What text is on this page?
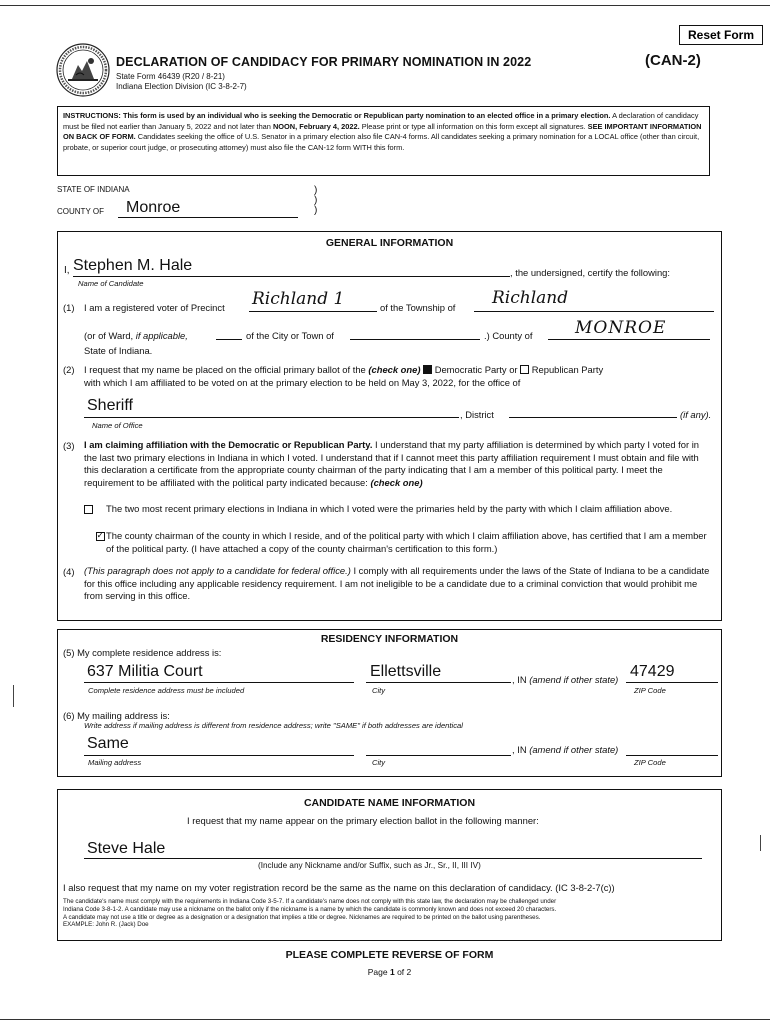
Reset Form
DECLARATION OF CANDIDACY FOR PRIMARY NOMINATION IN 2022	(CAN-2)
State Form 46439 (R20 / 8-21)
Indiana Election Division (IC 3-8-2-7)
INSTRUCTIONS: This form is used by an individual who is seeking the Democratic or Republican party nomination to an elected office in a primary election. A declaration of candidacy must be filed not earlier than January 5, 2022 and not later than NOON, February 4, 2022. Please print or type all information on this form except all signatures. SEE IMPORTANT INFORMATION ON BACK OF FORM. Candidates seeking the office of U.S. Senator in a primary election also file CAN-4 forms. All candidates seeking a primary nomination for a LOCAL office (other than circuit, probate, or superior court judge, or prosecuting attorney) must also file the CAN-12 form WITH this form.
STATE OF INDIANA
COUNTY OF Monroe
)
)
)
GENERAL INFORMATION
I, Stephen M. Hale	, the undersigned, certify the following:
Name of Candidate
(1) I am a registered voter of Precinct Richland 1	of the Township of Richland
(or of Ward, if applicable,	of the City or Town of	.) County of	MONROE
State of Indiana.
(2) I request that my name be placed on the official primary ballot of the (check one) Democratic Party or Republican Party
with which I am affiliated to be voted on at the primary election to be held on May 3, 2022, for the office of
Sheriff
, District	(if any).
Name of Office
(3) I am claiming affiliation with the Democratic or Republican Party. I understand that my party affiliation is determined by which party I voted for in the last two primary elections in Indiana in which I voted. I understand that if I cannot meet this party affiliation requirement I must obtain and file with this declaration a certificate from the appropriate county chairman of the party indicating that I am a member of this political party. I meet the requirement to be affiliated with the political party indicated because: (check one)

The two most recent primary elections in Indiana in which I voted were the primaries held by the party with which I claim affiliation above.
✓
The county chairman of the county in which I reside, and of the political party with which I claim affiliation above, has certified that I am a member of the political party. (I have attached a copy of the county chairman's certification to this form.)
(4) (This paragraph does not apply to a candidate for federal office.) I comply with all requirements under the laws of the State of Indiana to be a candidate for this office including any applicable residency requirement. I am not ineligible to be a candidate due to a criminal conviction that would prohibit me from serving in this office.
RESIDENCY INFORMATION
(5) My complete residence address is:
637 Militia Court	Ellettsville	, IN (amend if other state) 47429
Complete residence address must be included	City	ZIP Code
(6) My mailing address is:
Write address if mailing address is different from residence address; write "SAME" if both addresses are identical
Same	, IN (amend if other state)
Mailing address	City	ZIP Code
CANDIDATE NAME INFORMATION
I request that my name appear on the primary election ballot in the following manner:
Steve Hale
(Include any Nickname and/or Suffix, such as Jr., Sr., II, III IV)
I also request that my name on my voter registration record be the same as the name on this declaration of candidacy. (IC 3-8-2-7(c))
The candidate's name must comply with the requirements in Indiana Code 3-5-7. If a candidate's name does not comply with this state law, the declaration may be challenged under
Indiana Code 3-8-1-2. A candidate may use a nickname on the ballot only if the nickname is a name by which the candidate is commonly known and does not exceed 20 characters.
A candidate may not use a title or degree as a designation or a designation that implies a title or degree. Nicknames are required to be printed on the ballot using parentheses.
EXAMPLE: John R. (Jack) Doe
PLEASE COMPLETE REVERSE OF FORM
Page 1 of 2
